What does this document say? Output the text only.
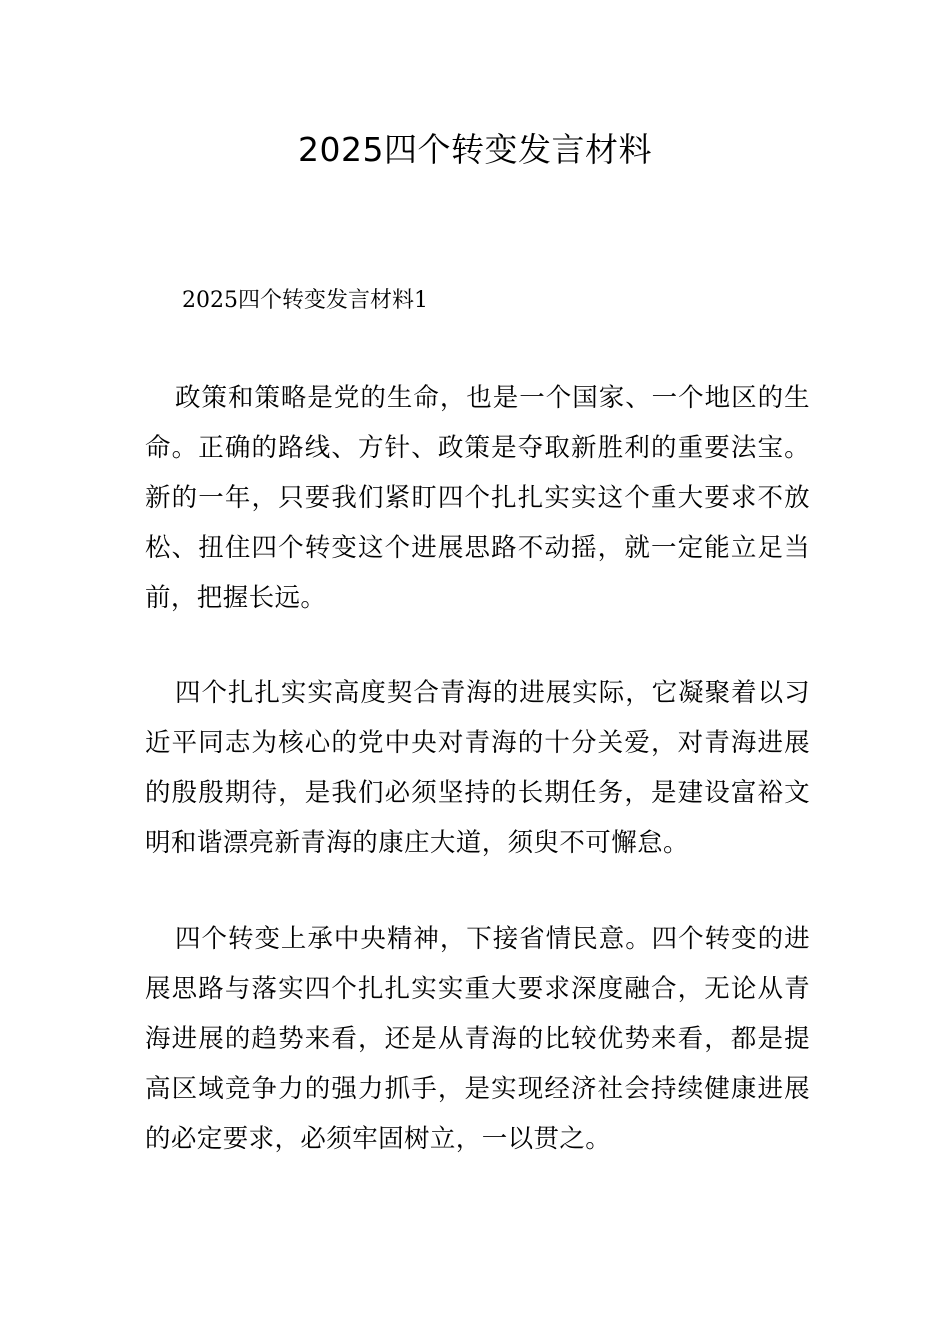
2025四个转变发言材料
2025四个转变发言材料1

政策和策略是党的生命，也是一个国家、一个地区的生命。正确的路线、方针、政策是夺取新胜利的重要法宝。新的一年，只要我们紧盯四个扎扎实实这个重大要求不放松、扭住四个转变这个进展思路不动摇，就一定能立足当前，把握长远。

四个扎扎实实高度契合青海的进展实际，它凝聚着以习近平同志为核心的党中央对青海的十分关爱，对青海进展的殷殷期待，是我们必须坚持的长期任务，是建设富裕文明和谐漂亮新青海的康庄大道，须臾不可懈怠。

四个转变上承中央精神，下接省情民意。四个转变的进展思路与落实四个扎扎实实重大要求深度融合，无论从青海进展的趋势来看，还是从青海的比较优势来看，都是提高区域竞争力的强力抓手，是实现经济社会持续健康进展的必定要求，必须牢固树立，一以贯之。
